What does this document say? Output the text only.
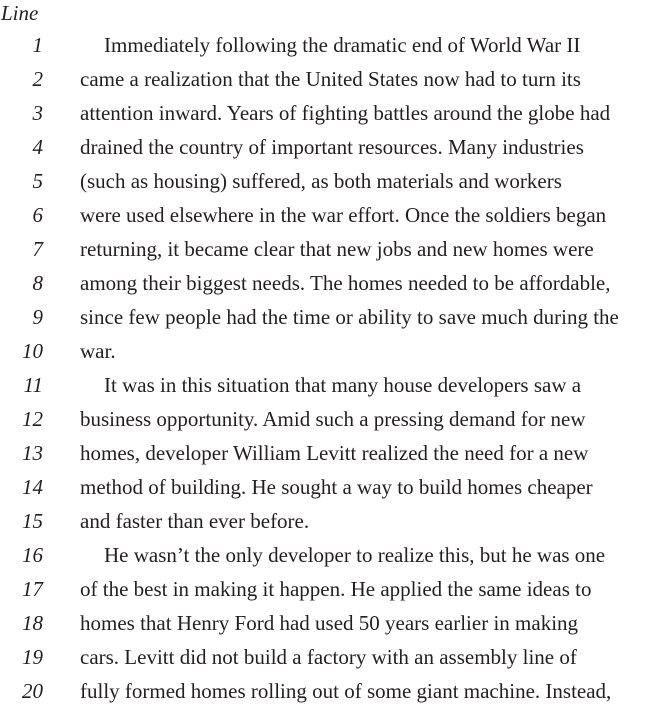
Line
1	Immediately following the dramatic end of World War II
2 came a realization that the United States now had to turn its
3 attention inward. Years of fighting battles around the globe had
4 drained the country of important resources. Many industries
5 (such as housing) suffered, as both materials and workers
6 were used elsewhere in the war effort. Once the soldiers began
7 returning, it became clear that new jobs and new homes were
8 among their biggest needs. The homes needed to be affordable,
9 since few people had the time or ability to save much during the
10 war.
11	It was in this situation that many house developers saw a
12 business opportunity. Amid such a pressing demand for new
13 homes, developer William Levitt realized the need for a new
14 method of building. He sought a way to build homes cheaper
15 and faster than ever before.
16	He wasn’t the only developer to realize this, but he was one
17 of the best in making it happen. He applied the same ideas to
18 homes that Henry Ford had used 50 years earlier in making
19 cars. Levitt did not build a factory with an assembly line of
20 fully formed homes rolling out of some giant machine. Instead,
